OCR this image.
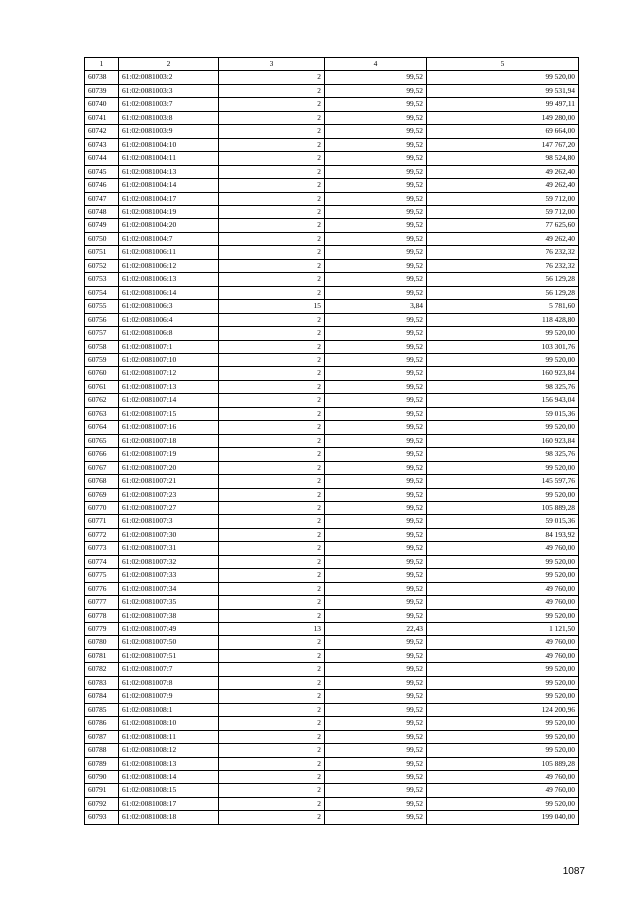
1	2	3	4	5
60738	61:02:0081003:2	2	99,52	99 520,00
60739	61:02:0081003:3	2	99,52	99 531,94
60740	61:02:0081003:7	2	99,52	99 497,11
60741	61:02:0081003:8	2	99,52	149 280,00
60742	61:02:0081003:9	2	99,52	69 664,00
60743	61:02:0081004:10	2	99,52	147 767,20
60744	61:02:0081004:11	2	99,52	98 524,80
60745	61:02:0081004:13	2	99,52	49 262,40
60746	61:02:0081004:14	2	99,52	49 262,40
60747	61:02:0081004:17	2	99,52	59 712,00
60748	61:02:0081004:19	2	99,52	59 712,00
60749	61:02:0081004:20	2	99,52	77 625,60
60750	61:02:0081004:7	2	99,52	49 262,40
60751	61:02:0081006:11	2	99,52	76 232,32
60752	61:02:0081006:12	2	99,52	76 232,32
60753	61:02:0081006:13	2	99,52	56 129,28
60754	61:02:0081006:14	2	99,52	56 129,28
60755	61:02:0081006:3	15	3,84	5 781,60
60756	61:02:0081006:4	2	99,52	118 428,80
60757	61:02:0081006:8	2	99,52	99 520,00
60758	61:02:0081007:1	2	99,52	103 301,76
60759	61:02:0081007:10	2	99,52	99 520,00
60760	61:02:0081007:12	2	99,52	160 923,84
60761	61:02:0081007:13	2	99,52	98 325,76
60762	61:02:0081007:14	2	99,52	156 943,04
60763	61:02:0081007:15	2	99,52	59 015,36
60764	61:02:0081007:16	2	99,52	99 520,00
60765	61:02:0081007:18	2	99,52	160 923,84
60766	61:02:0081007:19	2	99,52	98 325,76
60767	61:02:0081007:20	2	99,52	99 520,00
60768	61:02:0081007:21	2	99,52	145 597,76
60769	61:02:0081007:23	2	99,52	99 520,00
60770	61:02:0081007:27	2	99,52	105 889,28
60771	61:02:0081007:3	2	99,52	59 015,36
60772	61:02:0081007:30	2	99,52	84 193,92
60773	61:02:0081007:31	2	99,52	49 760,00
60774	61:02:0081007:32	2	99,52	99 520,00
60775	61:02:0081007:33	2	99,52	99 520,00
60776	61:02:0081007:34	2	99,52	49 760,00
60777	61:02:0081007:35	2	99,52	49 760,00
60778	61:02:0081007:38	2	99,52	99 520,00
60779	61:02:0081007:49	13	22,43	1 121,50
60780	61:02:0081007:50	2	99,52	49 760,00
60781	61:02:0081007:51	2	99,52	49 760,00
60782	61:02:0081007:7	2	99,52	99 520,00
60783	61:02:0081007:8	2	99,52	99 520,00
60784	61:02:0081007:9	2	99,52	99 520,00
60785	61:02:0081008:1	2	99,52	124 200,96
60786	61:02:0081008:10	2	99,52	99 520,00
60787	61:02:0081008:11	2	99,52	99 520,00
60788	61:02:0081008:12	2	99,52	99 520,00
60789	61:02:0081008:13	2	99,52	105 889,28
60790	61:02:0081008:14	2	99,52	49 760,00
60791	61:02:0081008:15	2	99,52	49 760,00
60792	61:02:0081008:17	2	99,52	99 520,00
60793	61:02:0081008:18	2	99,52	199 040,00
1087
